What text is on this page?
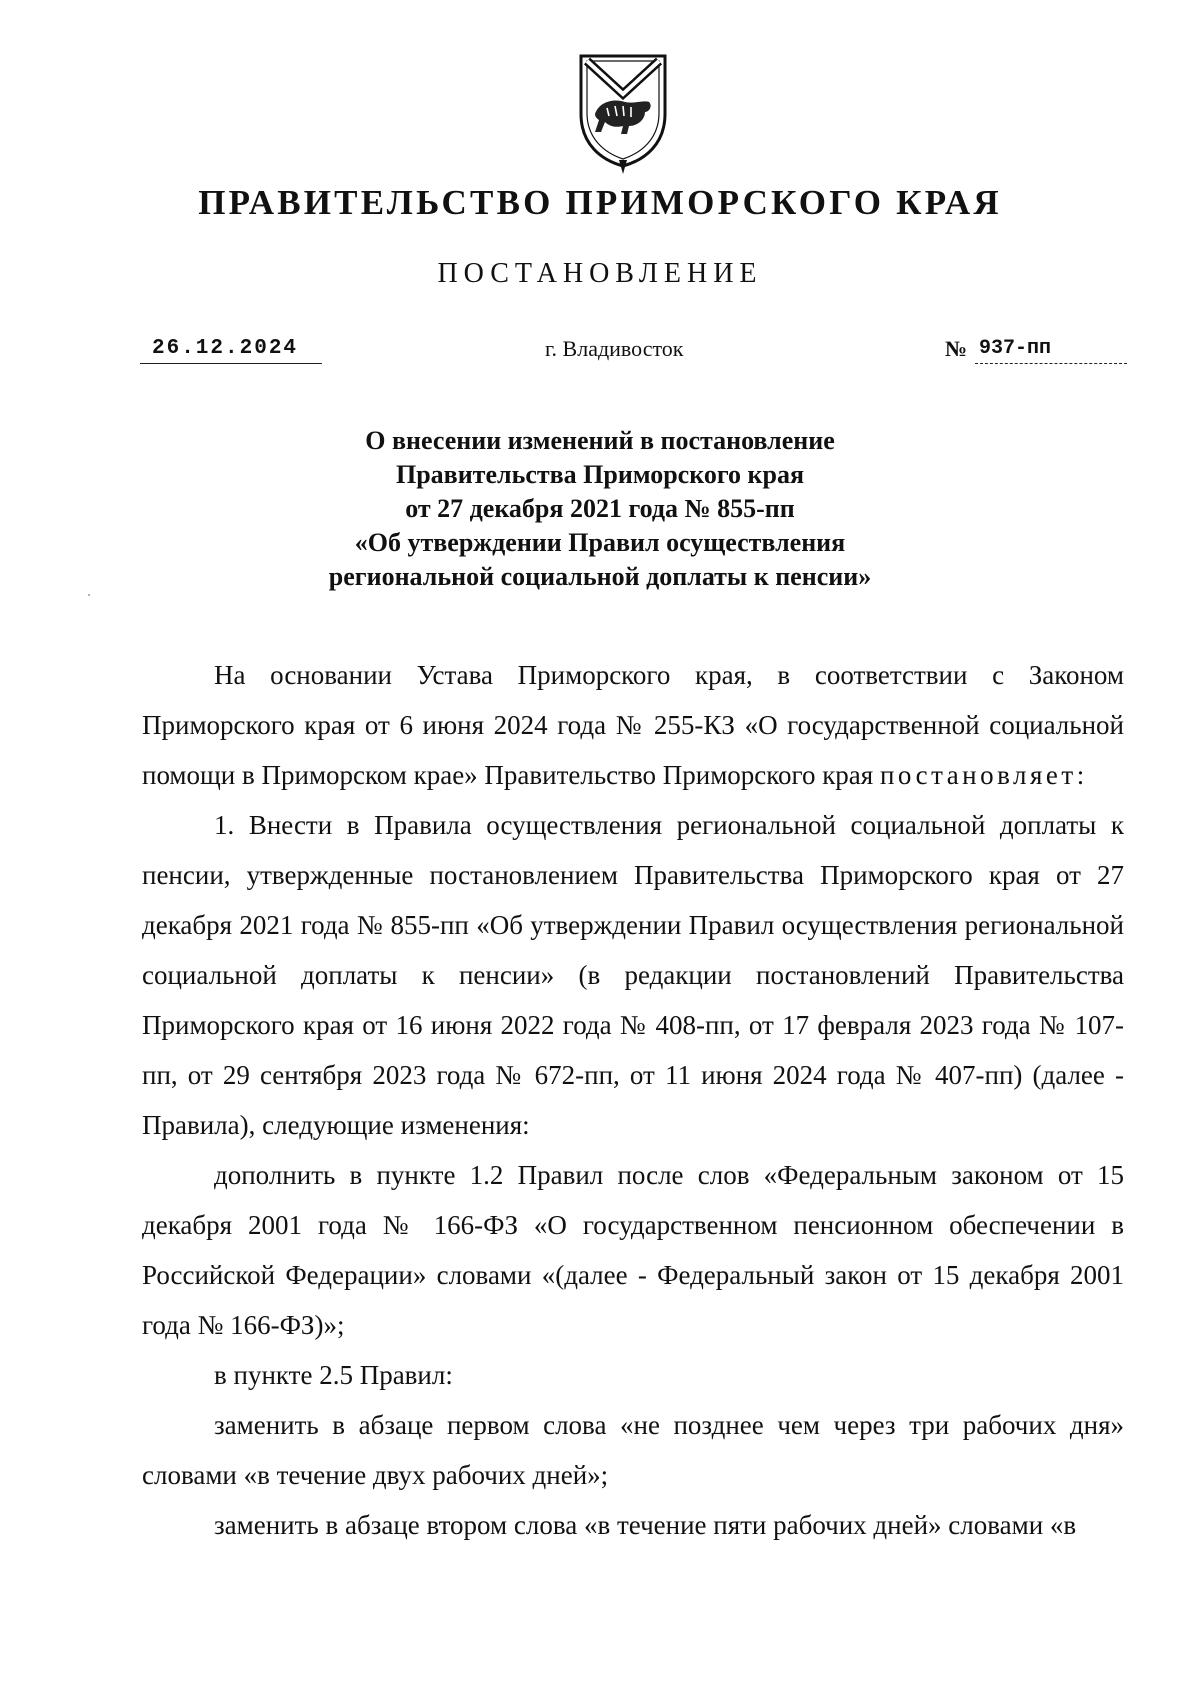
ПРАВИТЕЛЬСТВО ПРИМОРСКОГО КРАЯ
ПОСТАНОВЛЕНИЕ
26.12.2024	г. Владивосток	№ 937-пп
О внесении изменений в постановление
Правительства Приморского края
от 27 декабря 2021 года № 855-пп
«Об утверждении Правил осуществления
региональной социальной доплаты к пенсии»

На основании Устава Приморского края, в соответствии с Законом Приморского края от 6 июня 2024 года № 255-КЗ «О государственной социальной помощи в Приморском крае» Правительство Приморского края постановляет:

1. Внести в Правила осуществления региональной социальной доплаты к пенсии, утвержденные постановлением Правительства Приморского края от 27 декабря 2021 года № 855-пп «Об утверждении Правил осуществления региональной социальной доплаты к пенсии» (в редакции постановлений Правительства Приморского края от 16 июня 2022 года № 408-пп, от 17 февраля 2023 года № 107-пп, от 29 сентября 2023 года № 672-пп, от 11 июня 2024 года № 407-пп) (далее - Правила), следующие изменения:

дополнить в пункте 1.2 Правил после слов «Федеральным законом от 15 декабря 2001 года № 166-ФЗ «О государственном пенсионном обеспечении в Российской Федерации» словами «(далее - Федеральный закон от 15 декабря 2001 года № 166-ФЗ)»;

в пункте 2.5 Правил:

заменить в абзаце первом слова «не позднее чем через три рабочих дня» словами «в течение двух рабочих дней»;

заменить в абзаце втором слова «в течение пяти рабочих дней» словами «в
